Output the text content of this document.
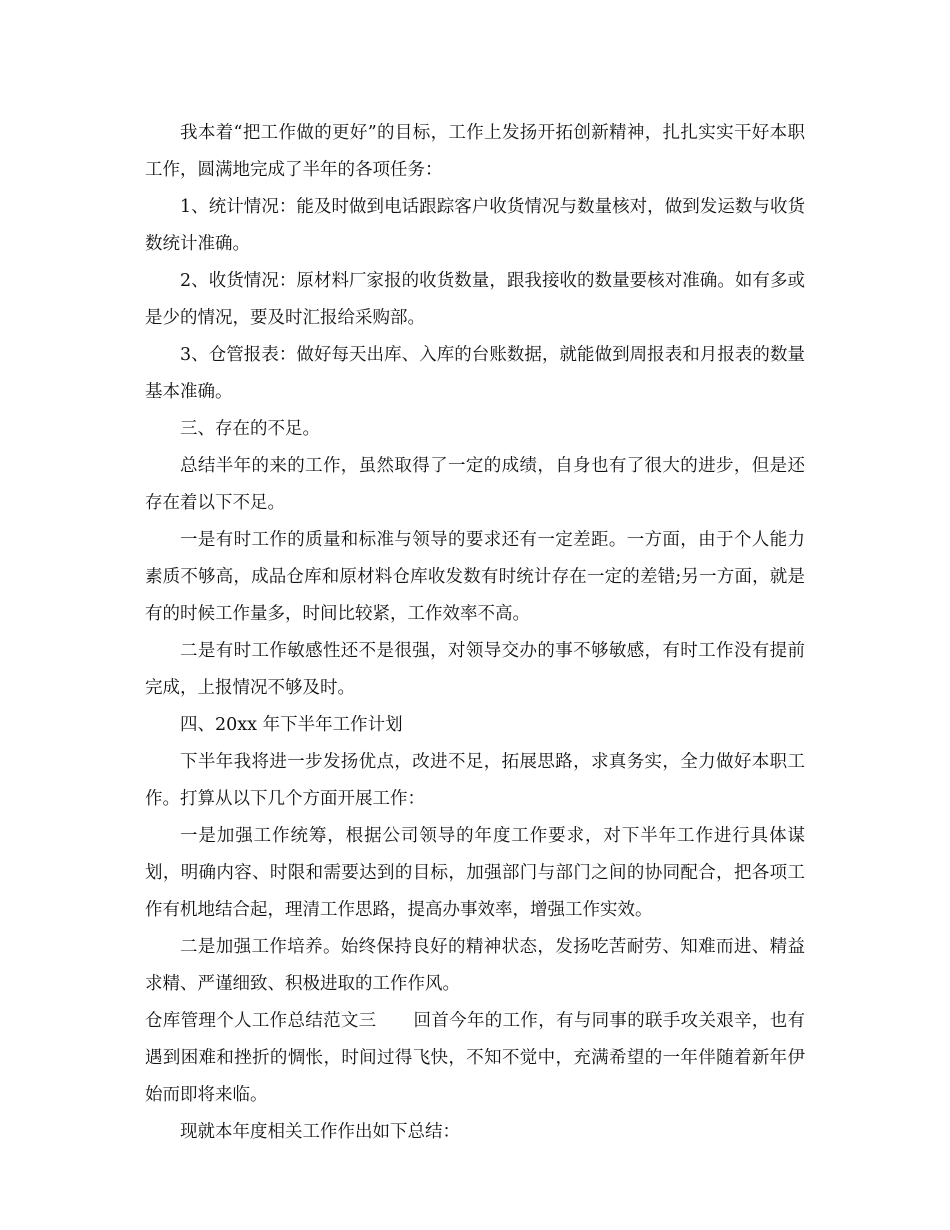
我本着“把工作做的更好”的目标，工作上发扬开拓创新精神，扎扎实实干好本职工作，圆满地完成了半年的各项任务：

1、统计情况：能及时做到电话跟踪客户收货情况与数量核对，做到发运数与收货数统计准确。

2、收货情况：原材料厂家报的收货数量，跟我接收的数量要核对准确。如有多或是少的情况，要及时汇报给采购部。

3、仓管报表：做好每天出库、入库的台账数据，就能做到周报表和月报表的数量基本准确。

三、存在的不足。

总结半年的来的工作，虽然取得了一定的成绩，自身也有了很大的进步，但是还存在着以下不足。

一是有时工作的质量和标准与领导的要求还有一定差距。一方面，由于个人能力素质不够高，成品仓库和原材料仓库收发数有时统计存在一定的差错;另一方面，就是有的时候工作量多，时间比较紧，工作效率不高。

二是有时工作敏感性还不是很强，对领导交办的事不够敏感，有时工作没有提前完成，上报情况不够及时。

四、20xx 年下半年工作计划

下半年我将进一步发扬优点，改进不足，拓展思路，求真务实，全力做好本职工作。打算从以下几个方面开展工作：

一是加强工作统筹，根据公司领导的年度工作要求，对下半年工作进行具体谋划，明确内容、时限和需要达到的目标，加强部门与部门之间的协同配合，把各项工作有机地结合起，理清工作思路，提高办事效率，增强工作实效。

二是加强工作培养。始终保持良好的精神状态，发扬吃苦耐劳、知难而进、精益求精、严谨细致、积极进取的工作作风。

仓库管理个人工作总结范文三 回首今年的工作，有与同事的联手攻关艰辛，也有遇到困难和挫折的惆怅，时间过得飞快，不知不觉中，充满希望的一年伴随着新年伊始而即将来临。

现就本年度相关工作作出如下总结：
